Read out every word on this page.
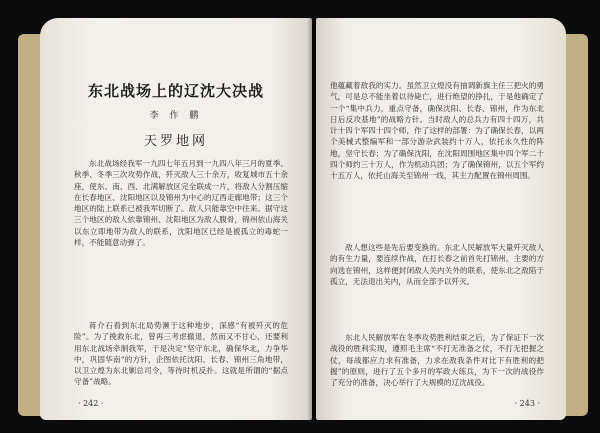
东北战场上的辽沈大决战
李 作 鹏
天罗地网

东北战场经我军一九四七年五月到一九四八年三月的夏季、秋季、冬季三次攻势作战，歼灭敌人三十余万，收复城市五十余座，使东、南、西、北满解放区完全联成一片，将敌人分割压缩在长春地区、沈阳地区以及锦州为中心的辽西走廊地带；这三个地区的陆上联系已被我军切断了。敌人只能靠空中往来。据守这三个地区的敌人依靠锦州、沈阳地区为敌人腹骨，锦州依山海关以东立即地带为敌人的联系，沈阳地区已经是被孤立的毒蛇一样，不能随意动弹了。

蒋介石看到东北局势濒于这种地步，深感“有被歼灭的危险”。为了挽救东北，曾再三考虑撤退，然而又不甘心，还要利用东北战场牵制我军，于是决定“坚守东北，确保华北，力争华中，巩固华南”的方针，企图依托沈阳、长春、锦州三角地带，以卫立煌为东北剿总司令，等待时机反扑。这就是所谓的“据点守备”战略。

· 242 ·

他蕴藏着敌我的实力。虽然卫立煌没有抽调新旗主任三把火的勇气，可是总不能坐着以待毙亡，进行绝望的挣扎，于是他确定了一个“集中兵力，重点守备，确保沈阳、长春、锦州，作为东北日后反攻基地”的战略方针。当时敌人的总兵力有四十四万，共计十四个军四十四个师，作了这样的部署：为了确保长春，以两个美械式整编军和一部分游杂武装约十万人，依托永久性的阵地，坚守长春；为了确保沈阳，在沈阳周围地区集中四个军二十四个师约三十万人，作为机动兵团；为了确保锦州，以五个军约十五万人，依托山海关至锦州一线，其主力配置在锦州周围。

敌人想这些是先后要变换的。东北人民解放军大量歼灭敌人的有生力量，要连续作战，在打长春之前首先打锦州。主要的方向选在锦州，这样便封闭敌人关内关外的联系，使东北之敌陷于孤立，无法退出关内，从而全部予以歼灭。

东北人民解放军在冬季攻势胜利结束之后，为了保证下一次战役的胜利实现，遵照毛主席“不打无准备之仗，不打无把握之仗，每战都应力求有准备，力求在敌我条件对比下有胜利的把握”的原则，进行了五个多月的军政大练兵，为下一次的战役作了充分的准备，决心举行了大规模的辽沈战役。

· 243 ·
